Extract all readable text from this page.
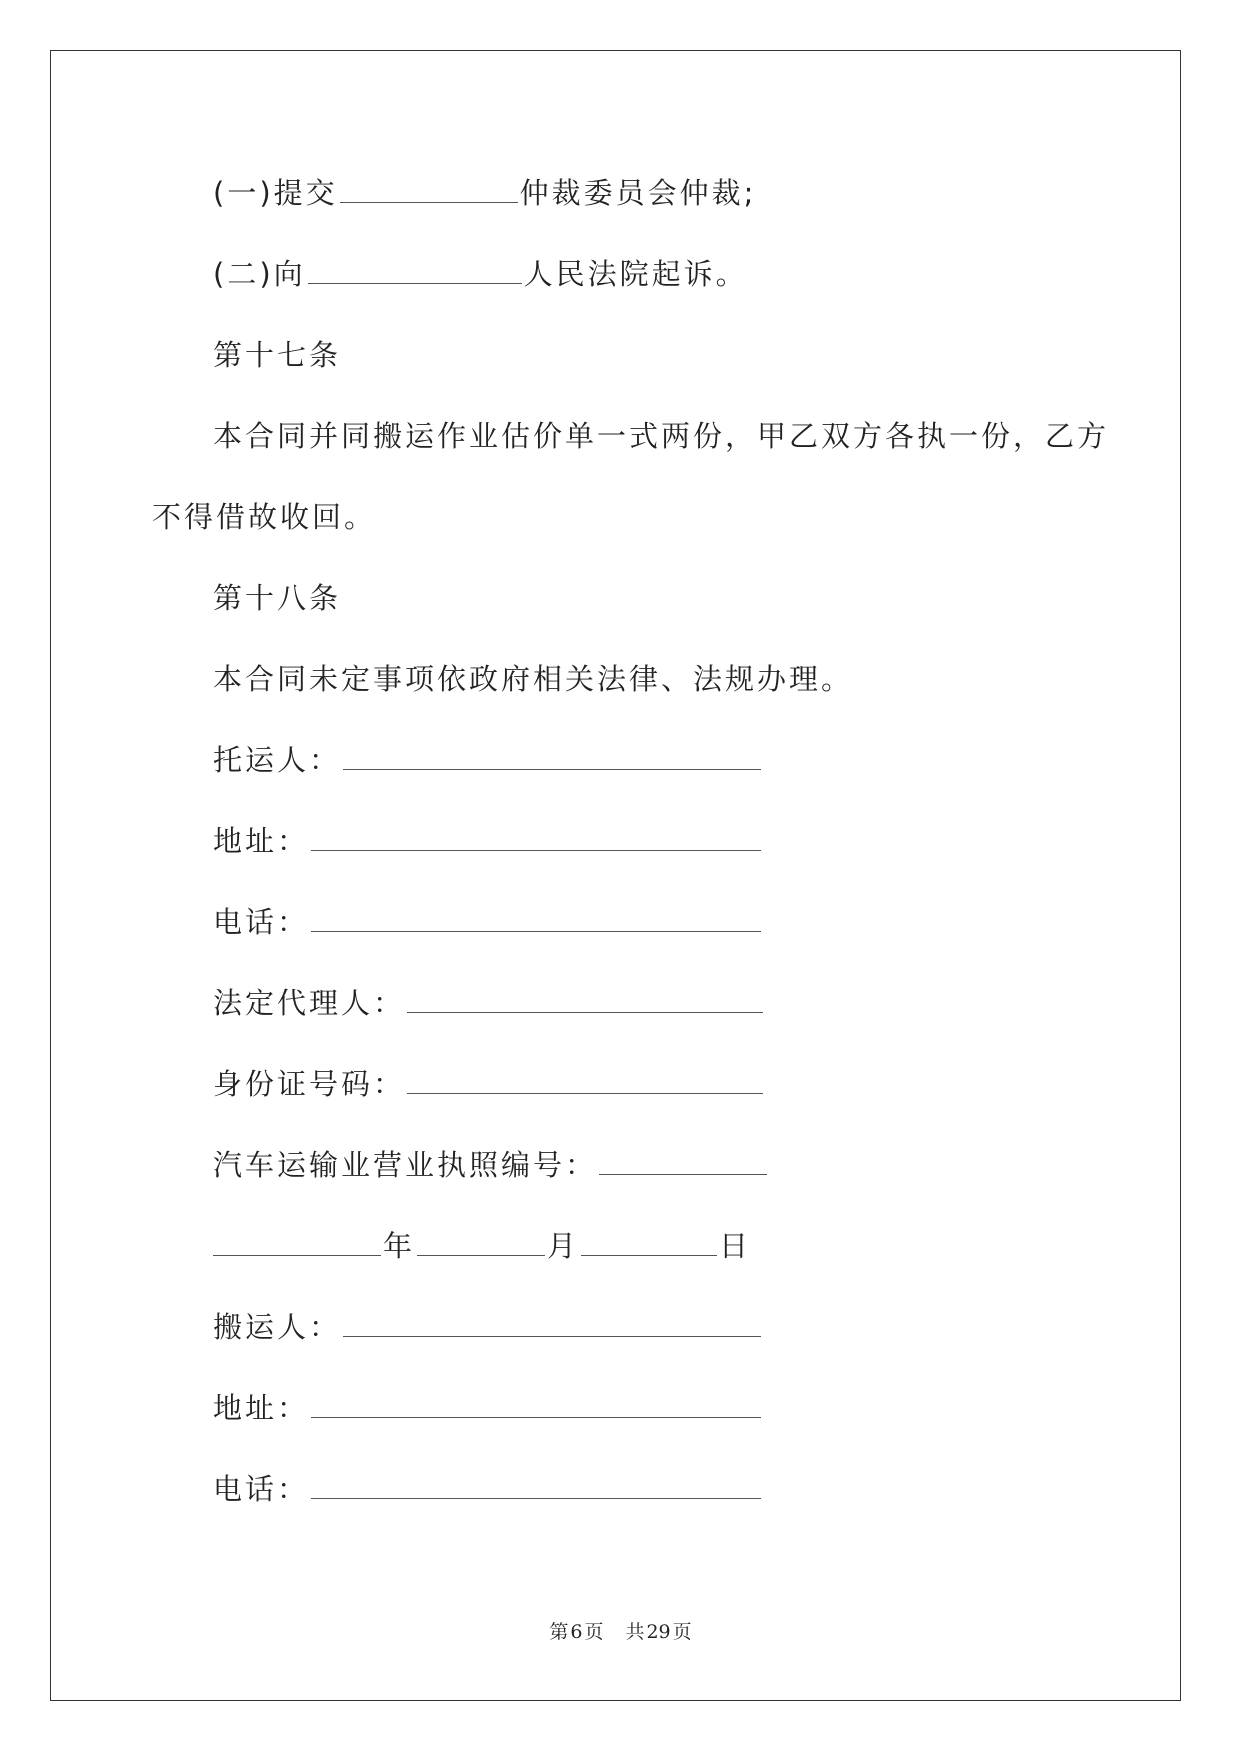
(一)提交	仲裁委员会仲裁;
(二)向	人民法院起诉。
第十七条
本合同并同搬运作业估价单一式两份，甲乙双方各执一份，乙方
不得借故收回。
第十八条
本合同未定事项依政府相关法律、法规办理。
托运人：
地址：
电话：
法定代理人：
身份证号码：
汽车运输业营业执照编号：
年	月	日
搬运人：
地址：
电话：
第 6 页 共 29 页
